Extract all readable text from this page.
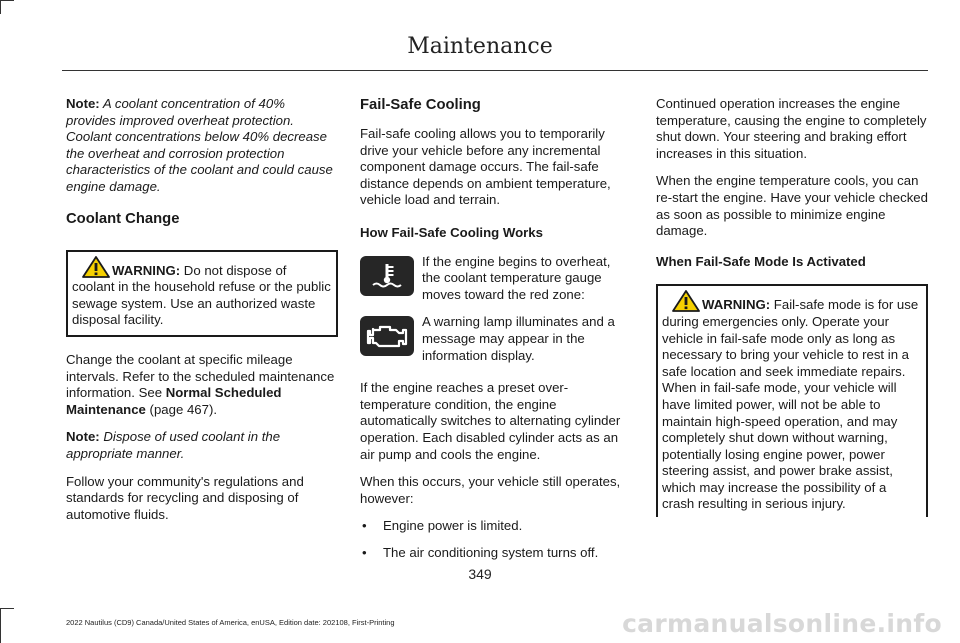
Maintenance

Note: A coolant concentration of 40% provides improved overheat protection. Coolant concentrations below 40% decrease the overheat and corrosion protection characteristics of the coolant and could cause engine damage.

Coolant Change
WARNING: Do not dispose of coolant in the household refuse or the public sewage system. Use an authorized waste disposal facility.

Change the coolant at specific mileage intervals. Refer to the scheduled maintenance information. See Normal Scheduled Maintenance (page 467).

Note: Dispose of used coolant in the appropriate manner.

Follow your community's regulations and standards for recycling and disposing of automotive fluids.

Fail-Safe Cooling

Fail-safe cooling allows you to temporarily drive your vehicle before any incremental component damage occurs. The fail-safe distance depends on ambient temperature, vehicle load and terrain.

How Fail-Safe Cooling Works
If the engine begins to overheat, the coolant temperature gauge moves toward the red zone:
A warning lamp illuminates and a message may appear in the information display.

If the engine reaches a preset over-temperature condition, the engine automatically switches to alternating cylinder operation. Each disabled cylinder acts as an air pump and cools the engine.

When this occurs, your vehicle still operates, however:

• Engine power is limited.
• The air conditioning system turns off.

Continued operation increases the engine temperature, causing the engine to completely shut down. Your steering and braking effort increases in this situation.

When the engine temperature cools, you can re-start the engine. Have your vehicle checked as soon as possible to minimize engine damage.

When Fail-Safe Mode Is Activated
WARNING: Fail-safe mode is for use during emergencies only. Operate your vehicle in fail-safe mode only as long as necessary to bring your vehicle to rest in a safe location and seek immediate repairs. When in fail-safe mode, your vehicle will have limited power, will not be able to maintain high-speed operation, and may completely shut down without warning, potentially losing engine power, power steering assist, and power brake assist, which may increase the possibility of a crash resulting in serious injury.
349
2022 Nautilus (CD9) Canada/United States of America, enUSA, Edition date: 202108, First-Printing	carmanualsonline.info
